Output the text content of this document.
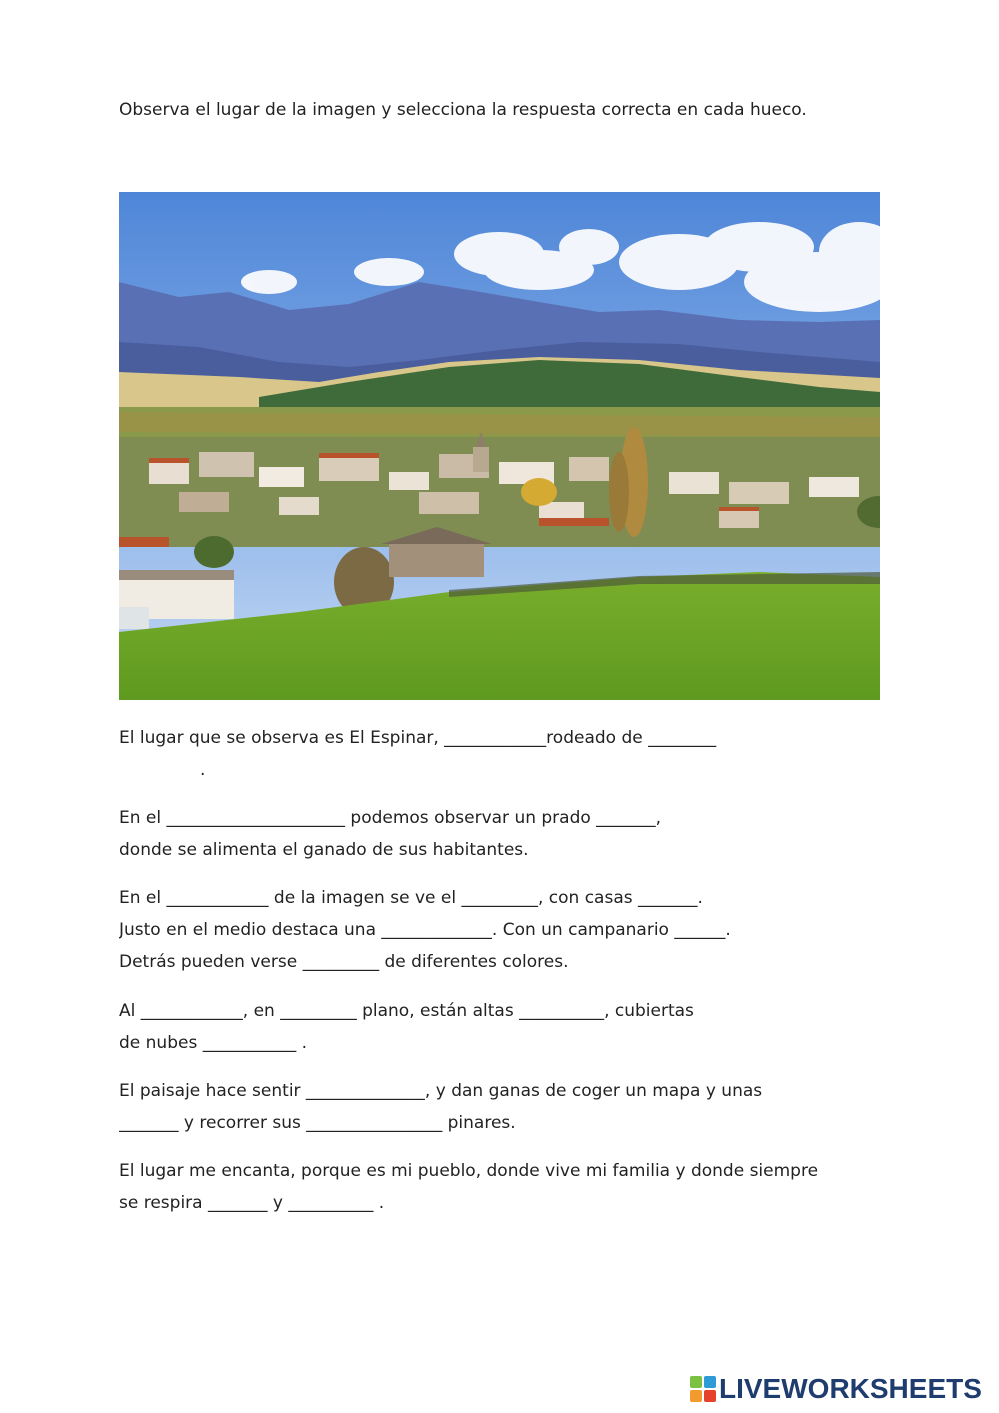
Observa el lugar de la imagen y selecciona la respuesta correcta en cada hueco.
El lugar que se observa es El Espinar, ____________rodeado de ________
.
En el _____________________ podemos observar un prado _______,
donde se alimenta el ganado de sus habitantes.
En el ____________ de la imagen se ve el _________, con casas _______.
Justo en el medio destaca una _____________. Con un campanario ______.
Detrás pueden verse _________ de diferentes colores.
Al ____________, en _________ plano, están altas __________, cubiertas
de nubes ___________ .
El paisaje hace sentir ______________, y dan ganas de coger un mapa y unas
_______ y recorrer sus ________________ pinares.
El lugar me encanta, porque es mi pueblo, donde vive mi familia y donde siempre
se respira _______ y __________ .
LIVEWORKSHEETS
